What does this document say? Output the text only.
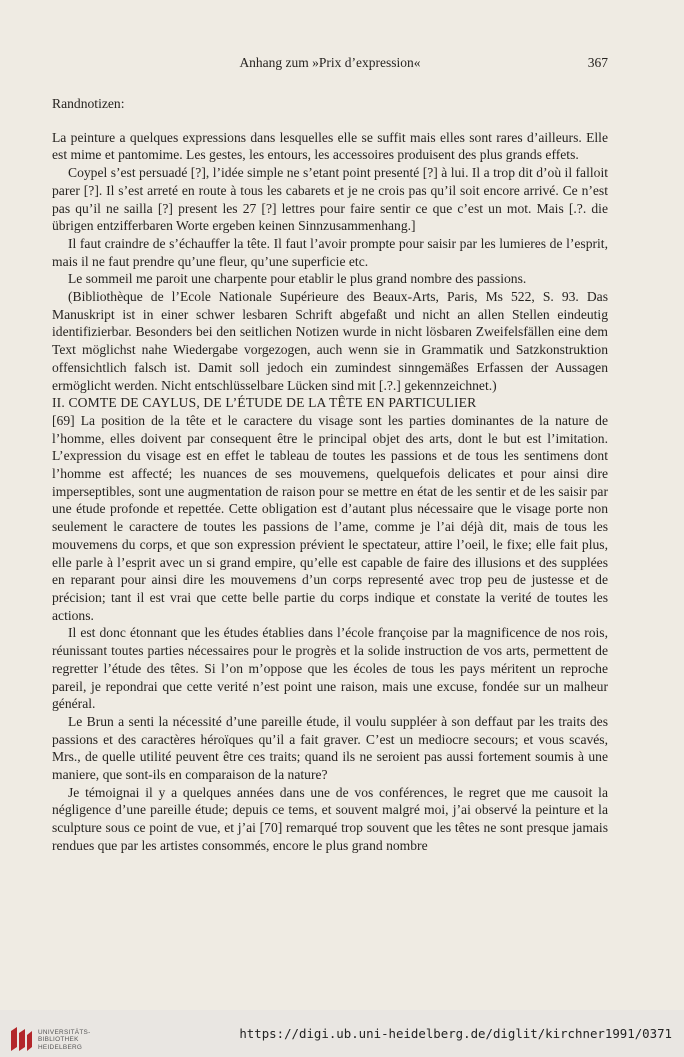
Anhang zum »Prix d’expression«	367

Randnotizen:

La peinture a quelques expressions dans lesquelles elle se suffit mais elles sont rares d’ailleurs. Elle est mime et pantomime. Les gestes, les entours, les accessoires produisent des plus grands effets.

Coypel s’est persuadé [?], l’idée simple ne s’etant point presenté [?] à lui. Il a trop dit d’où il falloit parer [?]. Il s’est arreté en route à tous les cabarets et je ne crois pas qu’il soit encore arrivé. Ce n’est pas qu’il ne sailla [?] present les 27 [?] lettres pour faire sentir ce que c’est un mot. Mais [.?. die übrigen entzifferbaren Worte ergeben keinen Sinnzusammenhang.]

Il faut craindre de s’échauffer la tête. Il faut l’avoir prompte pour saisir par les lumieres de l’esprit, mais il ne faut prendre qu’une fleur, qu’une superficie etc.

Le sommeil me paroit une charpente pour etablir le plus grand nombre des passions.

(Bibliothèque de l’Ecole Nationale Supérieure des Beaux-Arts, Paris, Ms 522, S. 93. Das Manuskript ist in einer schwer lesbaren Schrift abgefaßt und nicht an allen Stellen eindeutig identifizierbar. Besonders bei den seitlichen Notizen wurde in nicht lösbaren Zweifelsfällen eine dem Text möglichst nahe Wiedergabe vorgezogen, auch wenn sie in Grammatik und Satzkonstruktion offensichtlich falsch ist. Damit soll jedoch ein zumindest sinngemäßes Erfassen der Aussagen ermöglicht werden. Nicht entschlüsselbare Lücken sind mit [.?.] gekennzeichnet.)

II. COMTE DE CAYLUS, DE L’ÉTUDE DE LA TÊTE EN PARTICULIER

[69] La position de la tête et le caractere du visage sont les parties dominantes de la nature de l’homme, elles doivent par consequent être le principal objet des arts, dont le but est l’imitation. L’expression du visage est en effet le tableau de toutes les passions et de tous les sentimens dont l’homme est affecté; les nuances de ses mouvemens, quelquefois delicates et pour ainsi dire imperseptibles, sont une augmentation de raison pour se mettre en état de les sentir et de les saisir par une étude profonde et repettée. Cette obligation est d’autant plus nécessaire que le visage porte non seulement le caractere de toutes les passions de l’ame, comme je l’ai déjà dit, mais de tous les mouvemens du corps, et que son expression prévient le spectateur, attire l’oeil, le fixe; elle fait plus, elle parle à l’esprit avec un si grand empire, qu’elle est capable de faire des illusions et des supplées en reparant pour ainsi dire les mouvemens d’un corps representé avec trop peu de justesse et de précision; tant il est vrai que cette belle partie du corps indique et constate la verité de toutes les actions.

Il est donc étonnant que les études établies dans l’école françoise par la magnificence de nos rois, réunissant toutes parties nécessaires pour le progrès et la solide instruction de vos arts, permettent de regretter l’étude des têtes. Si l’on m’oppose que les écoles de tous les pays méritent un reproche pareil, je repondrai que cette verité n’est point une raison, mais une excuse, fondée sur un malheur général.

Le Brun a senti la nécessité d’une pareille étude, il voulu suppléer à son deffaut par les traits des passions et des caractères héroïques qu’il a fait graver. C’est un mediocre secours; et vous scavés, Mrs., de quelle utilité peuvent être ces traits; quand ils ne seroient pas aussi fortement soumis à une maniere, que sont-ils en comparaison de la nature?

Je témoignai il y a quelques années dans une de vos conférences, le regret que me causoit la négligence d’une pareille étude; depuis ce tems, et souvent malgré moi, j’ai observé la peinture et la sculpture sous ce point de vue, et j’ai [70] remarqué trop souvent que les têtes ne sont presque jamais rendues que par les artistes consommés, encore le plus grand nombre

UNIVERSITÄTS-
BIBLIOTHEK
HEIDELBERG
https://digi.ub.uni-heidelberg.de/diglit/kirchner1991/0371
